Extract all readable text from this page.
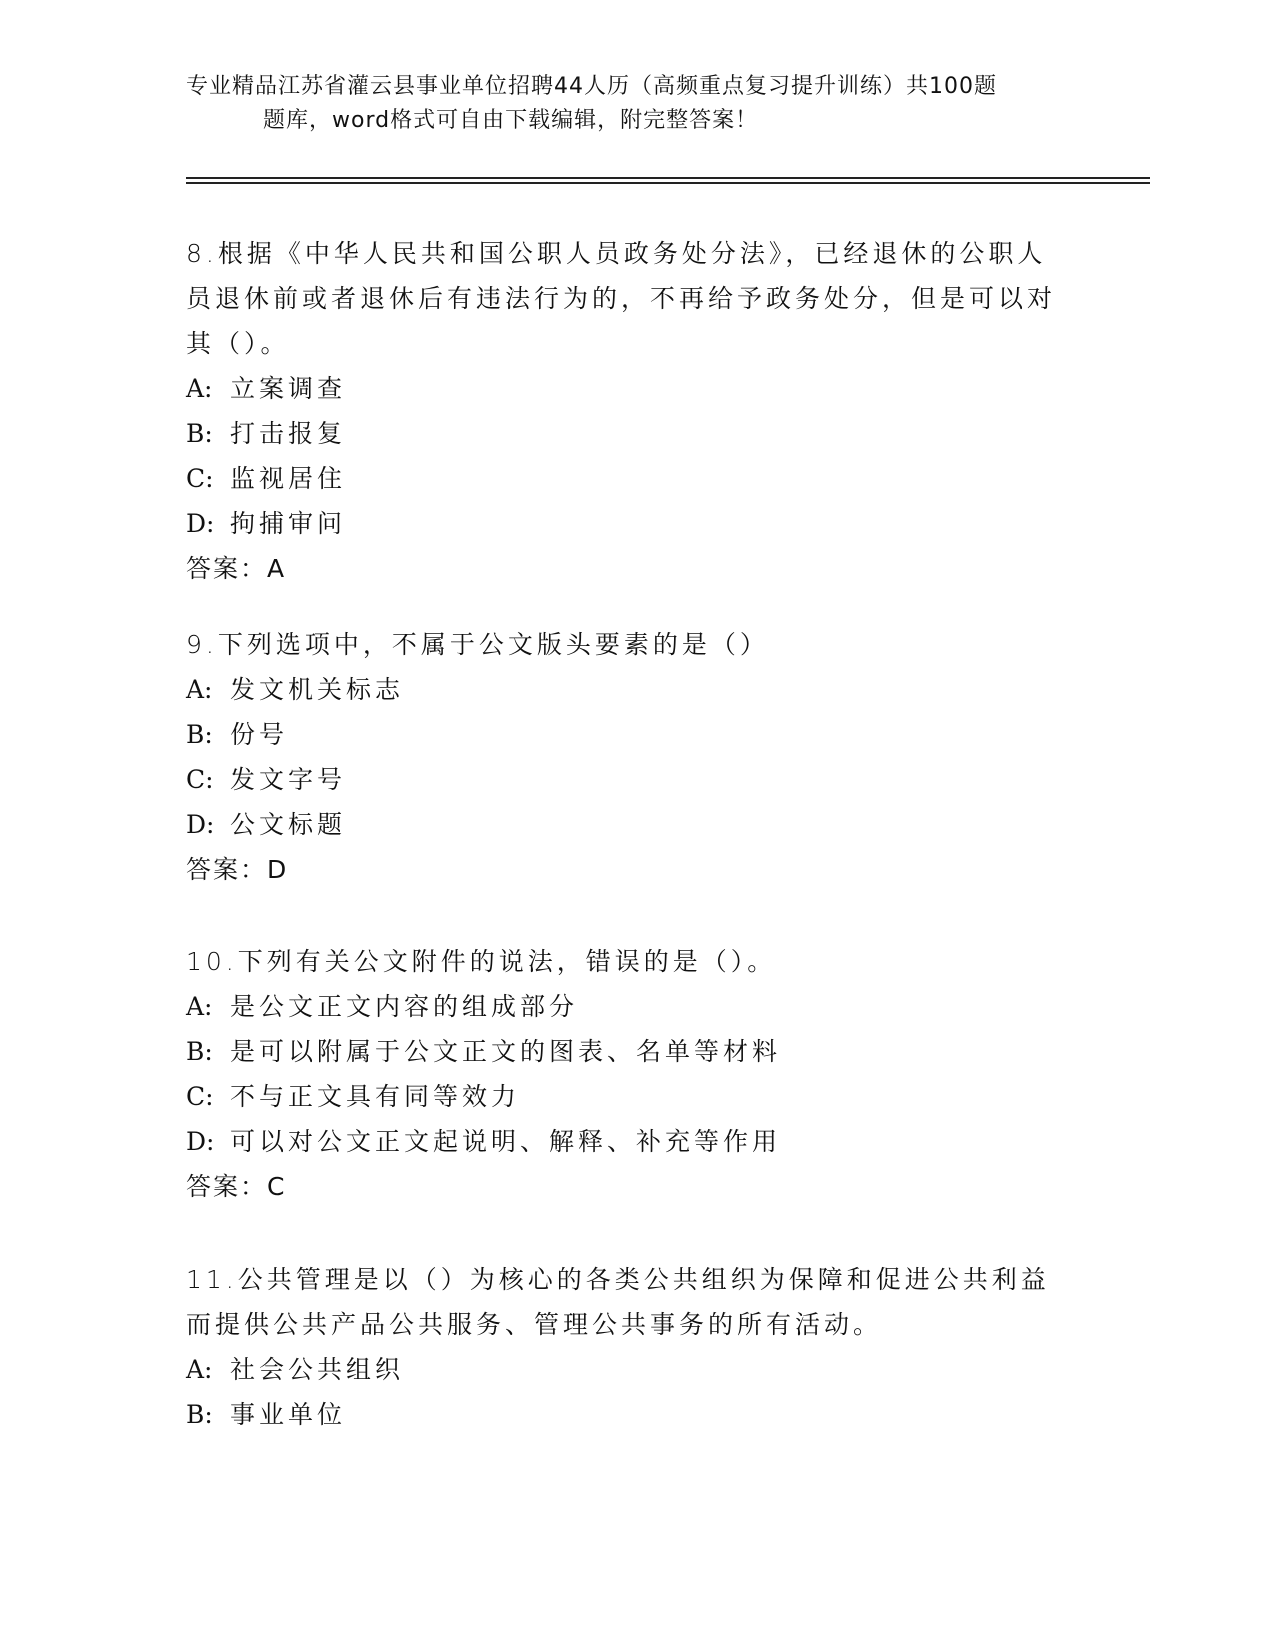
专业精品江苏省灌云县事业单位招聘44人历（高频重点复习提升训练）共100题
题库，word格式可自由下载编辑，附完整答案！

8.根据《中华人民共和国公职人员政务处分法》，已经退休的公职人员退休前或者退休后有违法行为的，不再给予政务处分，但是可以对其（）。

A: 立案调查

B: 打击报复

C: 监视居住

D: 拘捕审问

答案：A

9.下列选项中，不属于公文版头要素的是（）

A: 发文机关标志

B: 份号

C: 发文字号

D: 公文标题

答案：D

10.下列有关公文附件的说法，错误的是（）。

A: 是公文正文内容的组成部分

B: 是可以附属于公文正文的图表、名单等材料

C: 不与正文具有同等效力

D: 可以对公文正文起说明、解释、补充等作用

答案：C

11.公共管理是以（）为核心的各类公共组织为保障和促进公共利益而提供公共产品公共服务、管理公共事务的所有活动。

A: 社会公共组织

B: 事业单位
